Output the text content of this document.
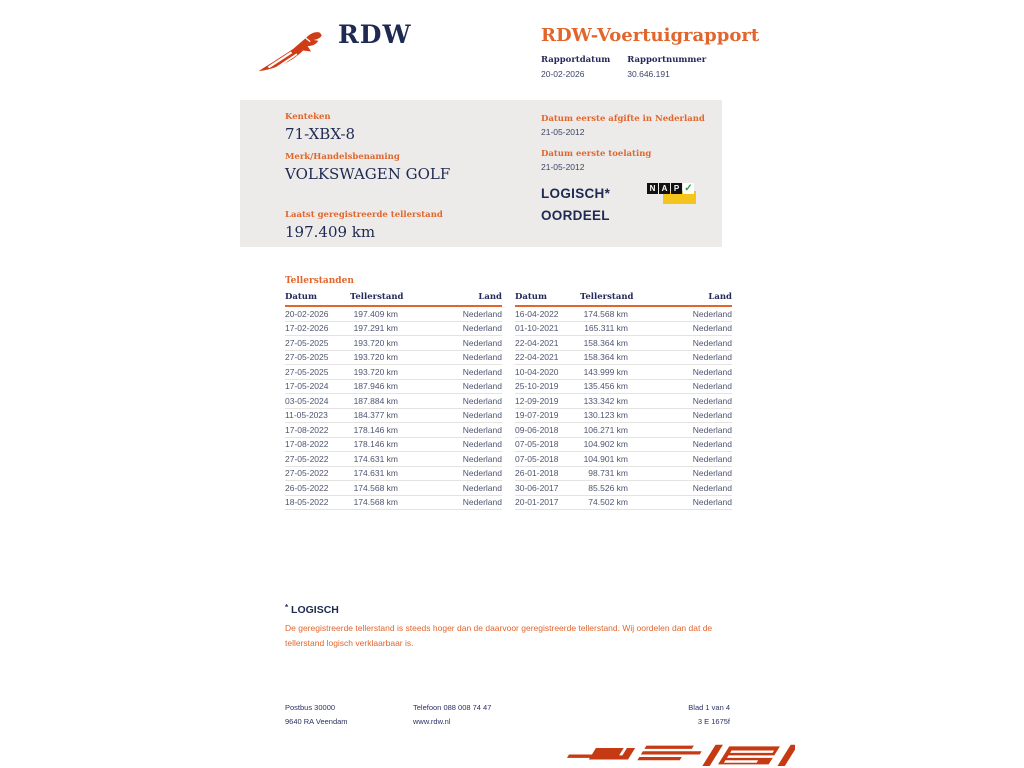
RDW	RDW-Voertuigrapport
Rapportdatum
20-02-2026
Rapportnummer
30.646.191
Kenteken
71-XBX-8
Merk/Handelsbenaming
VOLKSWAGEN GOLF
Laatst geregistreerde tellerstand
197.409 km
Datum eerste afgifte in Nederland
21-05-2012
Datum eerste toelating
21-05-2012
LOGISCH*
OORDEEL
N A P ✓
Tellerstanden
Datum	Tellerstand	Land
20-02-2026	197.409 km	Nederland
17-02-2026	197.291 km	Nederland
27-05-2025	193.720 km	Nederland
27-05-2025	193.720 km	Nederland
27-05-2025	193.720 km	Nederland
17-05-2024	187.946 km	Nederland
03-05-2024	187.884 km	Nederland
11-05-2023	184.377 km	Nederland
17-08-2022	178.146 km	Nederland
17-08-2022	178.146 km	Nederland
27-05-2022	174.631 km	Nederland
27-05-2022	174.631 km	Nederland
26-05-2022	174.568 km	Nederland
18-05-2022	174.568 km	Nederland
Datum	Tellerstand	Land
16-04-2022	174.568 km	Nederland
01-10-2021	165.311 km	Nederland
22-04-2021	158.364 km	Nederland
22-04-2021	158.364 km	Nederland
10-04-2020	143.999 km	Nederland
25-10-2019	135.456 km	Nederland
12-09-2019	133.342 km	Nederland
19-07-2019	130.123 km	Nederland
09-06-2018	106.271 km	Nederland
07-05-2018	104.902 km	Nederland
07-05-2018	104.901 km	Nederland
26-01-2018	98.731 km	Nederland
30-06-2017	85.526 km	Nederland
20-01-2017	74.502 km	Nederland
* LOGISCH
De geregistreerde tellerstand is steeds hoger dan de daarvoor geregistreerde tellerstand. Wij oordelen dan dat de tellerstand logisch verklaarbaar is.
Postbus 30000
9640 RA Veendam
Telefoon 088 008 74 47
www.rdw.nl
Blad 1 van 4
3 E 1675f
